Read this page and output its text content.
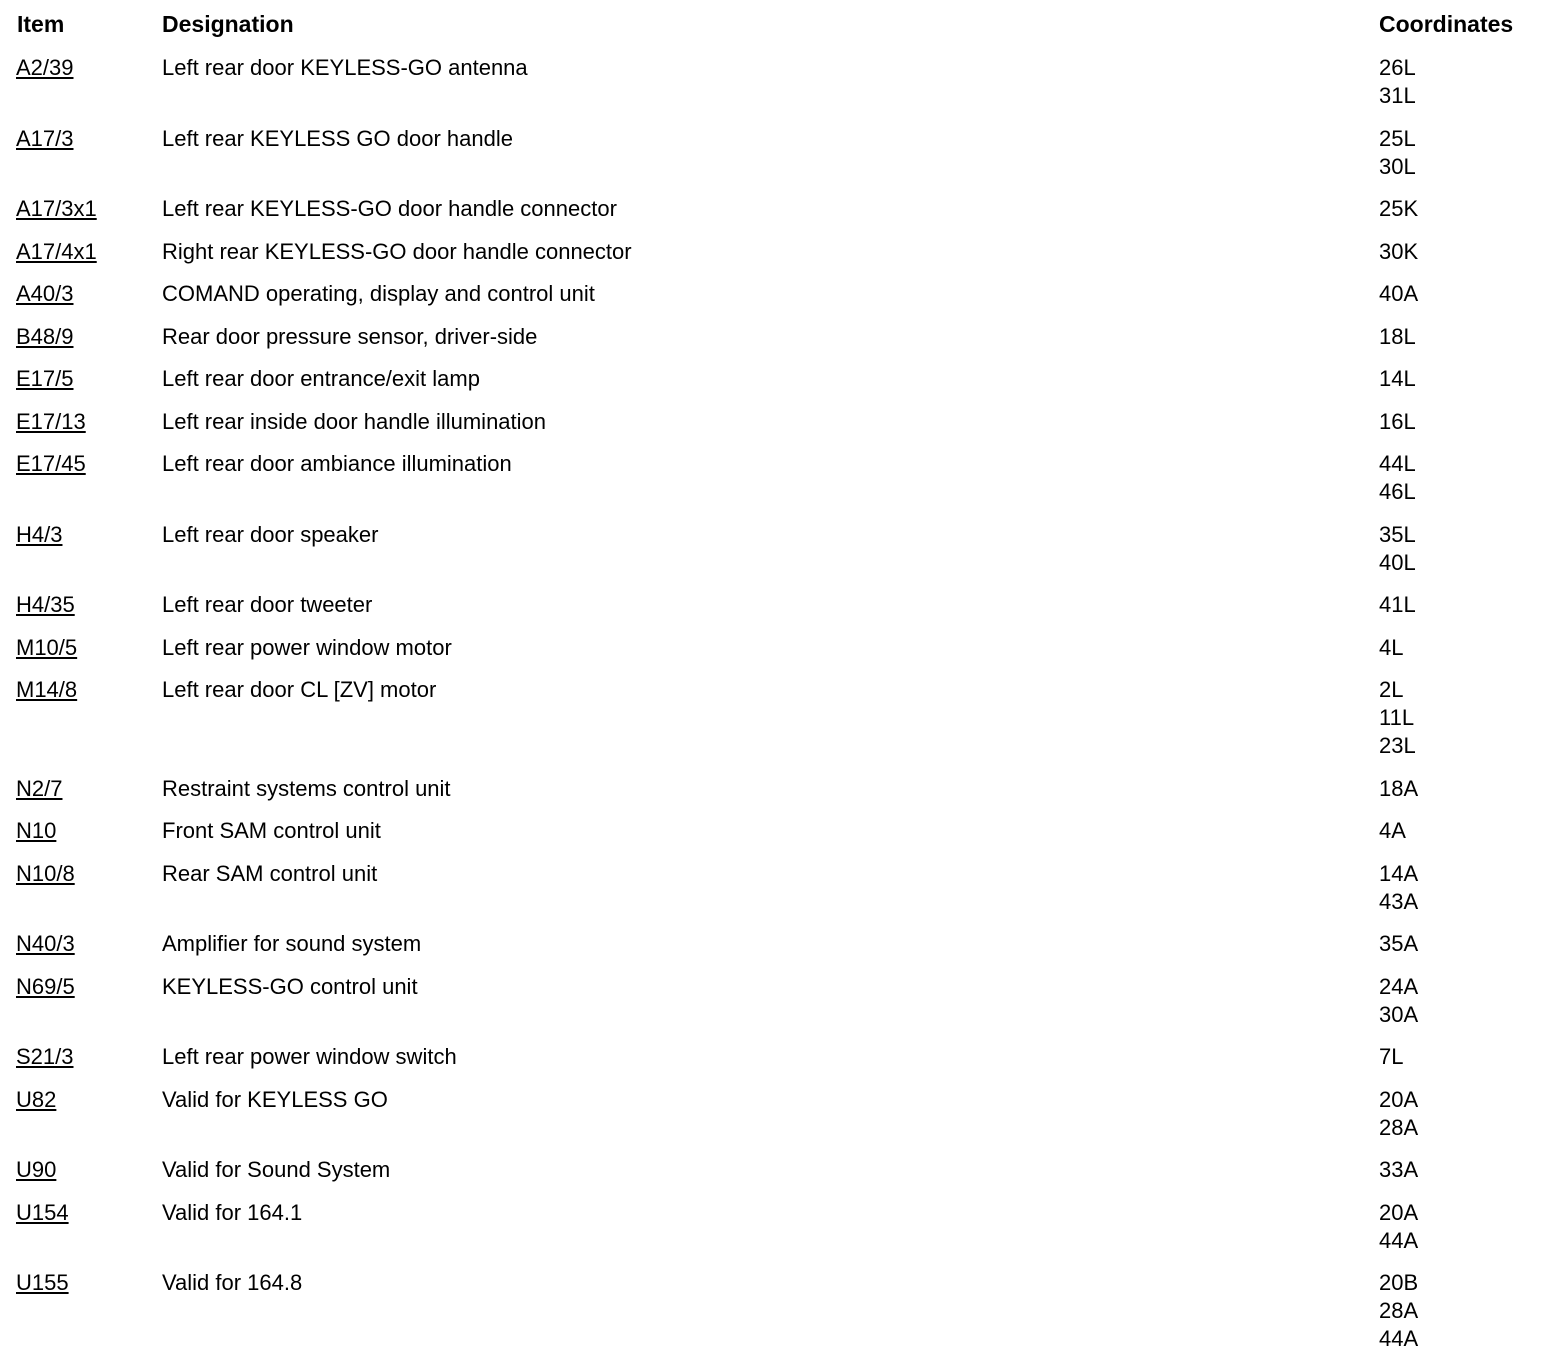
Item	Designation	Coordinates
A2/39	Left rear door KEYLESS-GO antenna	26L
31L
A17/3	Left rear KEYLESS GO door handle	25L
30L
A17/3x1	Left rear KEYLESS-GO door handle connector	25K
A17/4x1	Right rear KEYLESS-GO door handle connector	30K
A40/3	COMAND operating, display and control unit	40A
B48/9	Rear door pressure sensor, driver-side	18L
E17/5	Left rear door entrance/exit lamp	14L
E17/13	Left rear inside door handle illumination	16L
E17/45	Left rear door ambiance illumination	44L
46L
H4/3	Left rear door speaker	35L
40L
H4/35	Left rear door tweeter	41L
M10/5	Left rear power window motor	4L
M14/8	Left rear door CL [ZV] motor	2L
11L
23L
N2/7	Restraint systems control unit	18A
N10	Front SAM control unit	4A
N10/8	Rear SAM control unit	14A
43A
N40/3	Amplifier for sound system	35A
N69/5	KEYLESS-GO control unit	24A
30A
S21/3	Left rear power window switch	7L
U82	Valid for KEYLESS GO	20A
28A
U90	Valid for Sound System	33A
U154	Valid for 164.1	20A
44A
U155	Valid for 164.8	20B
28A
44A
